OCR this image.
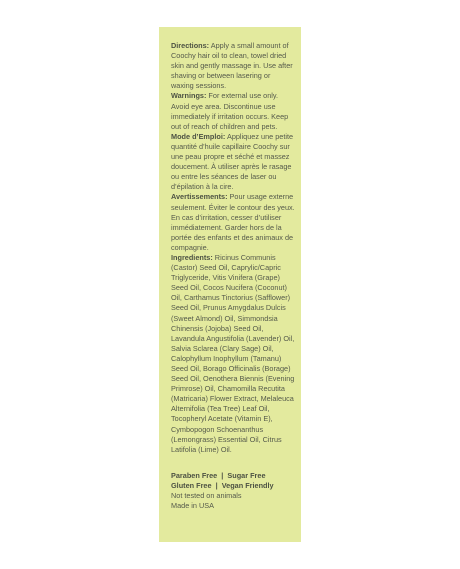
Directions: Apply a small amount of Coochy hair oil to clean, towel dried skin and gently massage in. Use after shaving or between lasering or waxing sessions.

Warnings: For external use only. Avoid eye area. Discontinue use immediately if irritation occurs. Keep out of reach of children and pets.

Mode d’Emploi: Appliquez une petite quantité d’huile capillaire Coochy sur une peau propre et séché et massez doucement. À utiliser après le rasage ou entre les séances de laser ou d’épilation à la cire.

Avertissements: Pour usage externe seulement. Éviter le contour des yeux. En cas d’irritation, cesser d’utiliser immédiatement. Garder hors de la portée des enfants et des animaux de compagnie.

Ingredients: Ricinus Communis (Castor) Seed Oil, Caprylic/Capric Triglyceride, Vitis Vinifera (Grape) Seed Oil, Cocos Nucifera (Coconut) Oil, Carthamus Tinctorius (Safflower) Seed Oil, Prunus Amygdalus Dulcis (Sweet Almond) Oil, Simmondsia Chinensis (Jojoba) Seed Oil, Lavandula Angustifolia (Lavender) Oil, Salvia Sclarea (Clary Sage) Oil, Calophyllum Inophyllum (Tamanu) Seed Oil, Borago Officinalis (Borage) Seed Oil, Oenothera Biennis (Evening Primrose) Oil, Chamomilla Recutita (Matricaria) Flower Extract, Melaleuca Alternifolia (Tea Tree) Leaf Oil, Tocopheryl Acetate (Vitamin E), Cymbopogon Schoenanthus (Lemongrass) Essential Oil, Citrus Latifolia (Lime) Oil.

Paraben Free  |  Sugar Free
Gluten Free  |  Vegan Friendly
Not tested on animals
Made in USA
